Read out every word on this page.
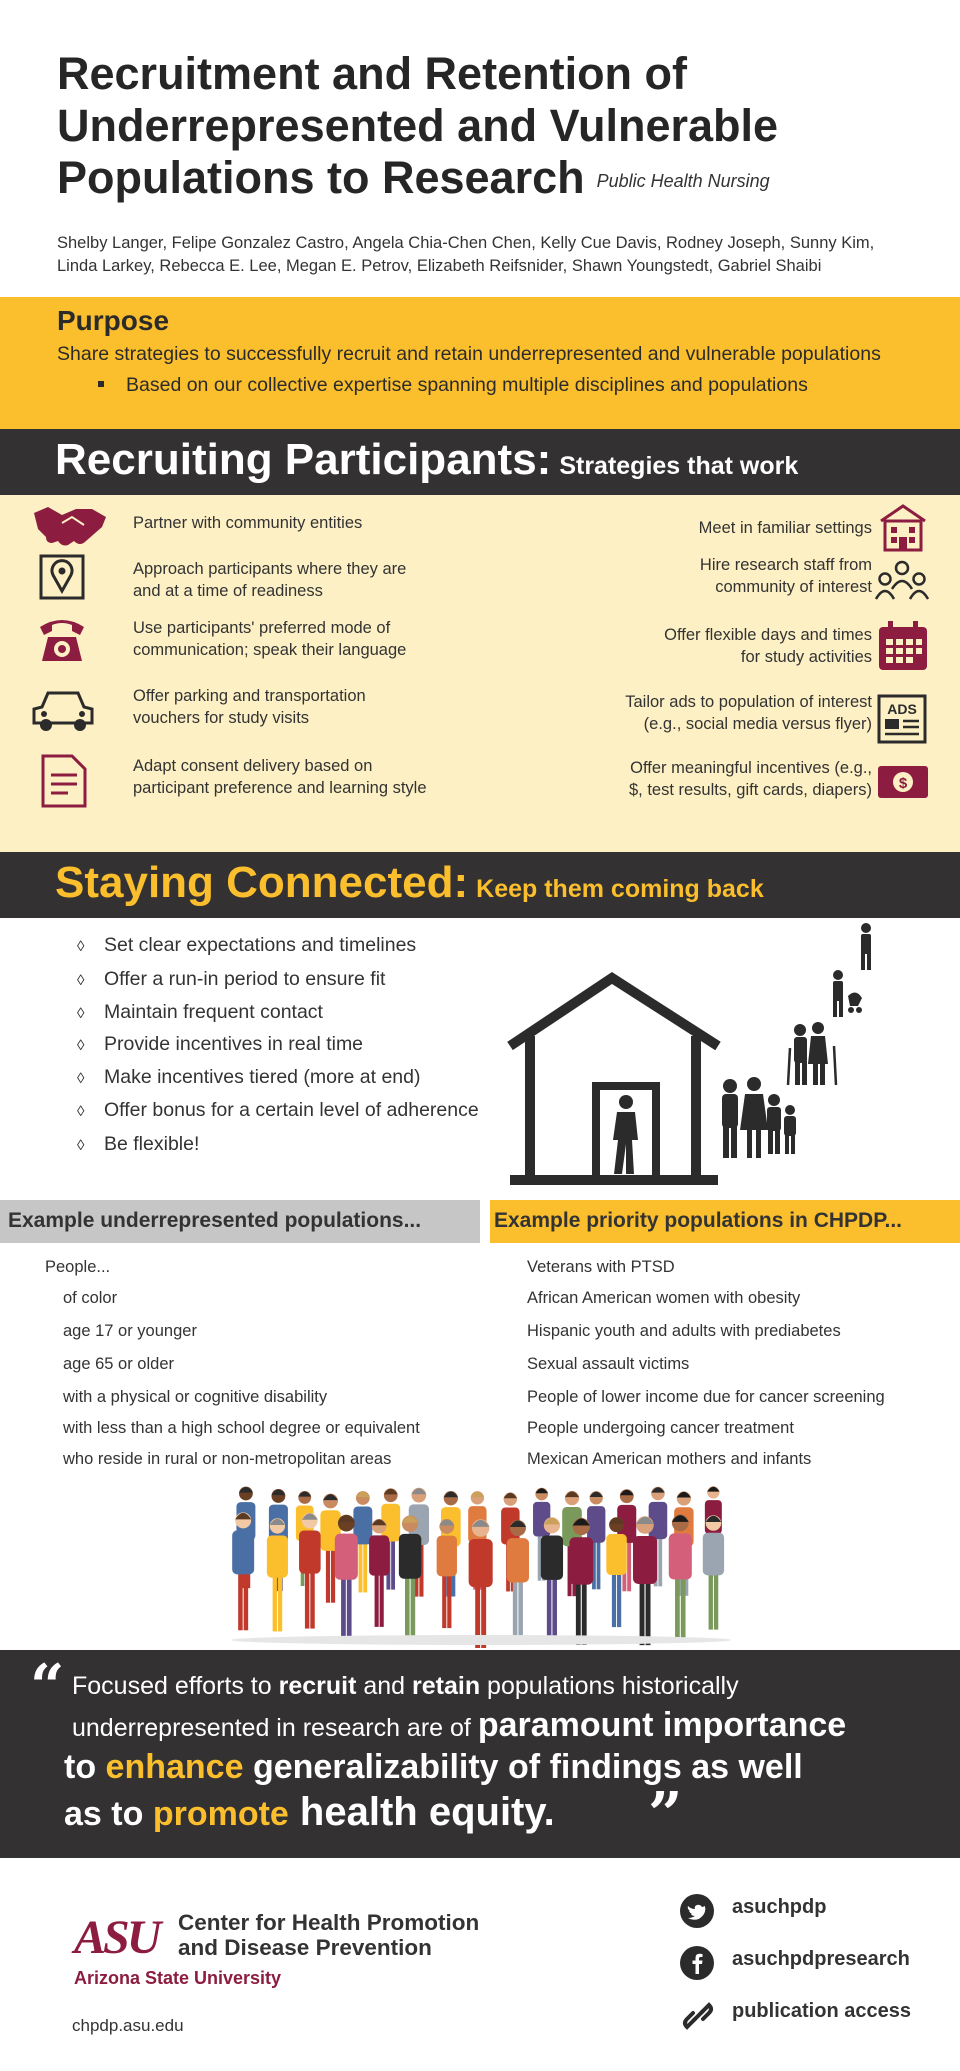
Recruitment and Retention of
Underrepresented and Vulnerable
Populations to Research $^{Public Health Nursing}$
Shelby Langer, Felipe Gonzalez Castro, Angela Chia-Chen Chen, Kelly Cue Davis, Rodney Joseph, Sunny Kim,
Linda Larkey, Rebecca E. Lee, Megan E. Petrov, Elizabeth Reifsnider, Shawn Youngstedt, Gabriel Shaibi
Purpose
Share strategies to successfully recruit and retain underrepresented and vulnerable populations
Based on our collective expertise spanning multiple disciplines and populations
Recruiting Participants: Strategies that work
Partner with community entities
Approach participants where they are
and at a time of readiness
Use participants' preferred mode of
communication; speak their language
Offer parking and transportation
vouchers for study visits
Adapt consent delivery based on
participant preference and learning style
Meet in familiar settings
Hire research staff from
community of interest
Offer flexible days and times
for study activities
Tailor ads to population of interest
(e.g., social media versus flyer)
Offer meaningful incentives (e.g.,
$, test results, gift cards, diapers)
ADS
$
Staying Connected: Keep them coming back
◊ Set clear expectations and timelines
◊ Offer a run-in period to ensure fit
◊ Maintain frequent contact
◊ Provide incentives in real time
◊ Make incentives tiered (more at end)
◊ Offer bonus for a certain level of adherence
◊ Be flexible!
Example underrepresented populations...	Example priority populations in CHPDP...
People...
of color
age 17 or younger
age 65 or older
with a physical or cognitive disability
with less than a high school degree or equivalent
who reside in rural or non-metropolitan areas
Veterans with PTSD
African American women with obesity
Hispanic youth and adults with prediabetes
Sexual assault victims
People of lower income due for cancer screening
People undergoing cancer treatment
Mexican American mothers and infants
“ Focused efforts to recruit and retain populations historically
underrepresented in research are of paramount importance
to enhance generalizability of findings as well
as to promote health equity. ”
ASU Center for Health Promotion
and Disease Prevention
Arizona State University
chpdp.asu.edu
asuchpdp
asuchpdpresearch
publication access
